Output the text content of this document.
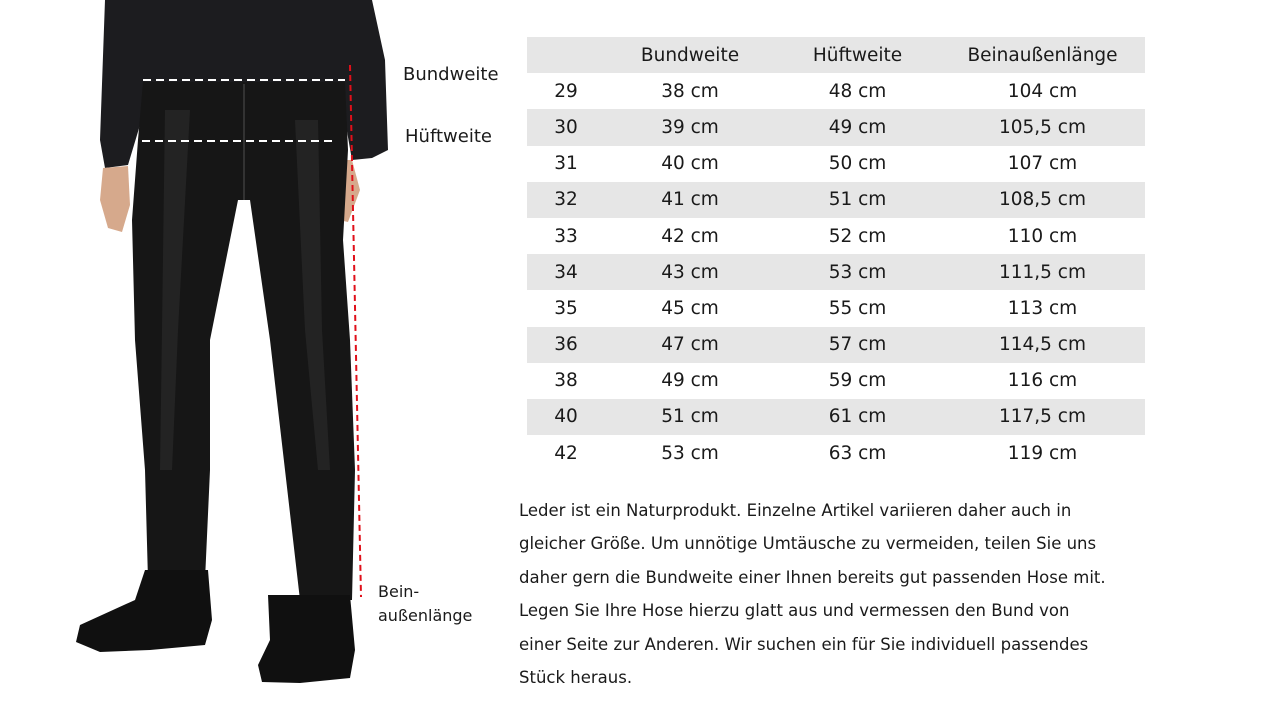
Bundweite
Hüftweite
Bein-
außenlänge
	Bundweite	Hüftweite	Beinaußenlänge
29	38 cm	48 cm	104 cm
30	39 cm	49 cm	105,5 cm
31	40 cm	50 cm	107 cm
32	41 cm	51 cm	108,5 cm
33	42 cm	52 cm	110 cm
34	43 cm	53 cm	111,5 cm
35	45 cm	55 cm	113 cm
36	47 cm	57 cm	114,5 cm
38	49 cm	59 cm	116 cm
40	51 cm	61 cm	117,5 cm
42	53 cm	63 cm	119 cm
Leder ist ein Naturprodukt. Einzelne Artikel variieren daher auch in
gleicher Größe. Um unnötige Umtäusche zu vermeiden, teilen Sie uns
daher gern die Bundweite einer Ihnen bereits gut passenden Hose mit.
Legen Sie Ihre Hose hierzu glatt aus und vermessen den Bund von
einer Seite zur Anderen. Wir suchen ein für Sie individuell passendes
Stück heraus.
